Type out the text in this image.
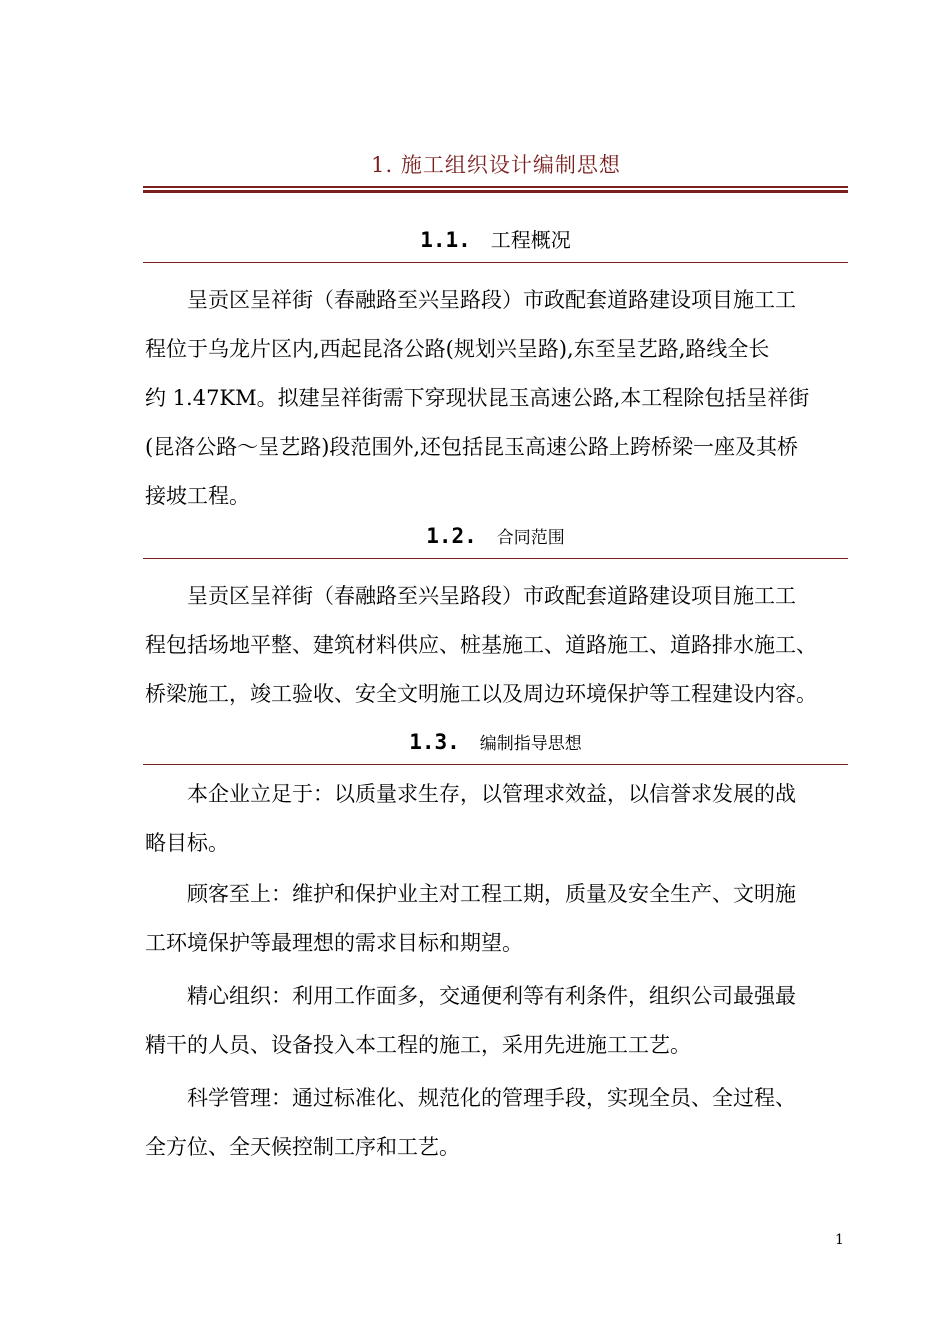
1. 施工组织设计编制思想
1.1. 工程概况
呈贡区呈祥街（春融路至兴呈路段）市政配套道路建设项目施工工
程位于乌龙片区内,西起昆洛公路(规划兴呈路),东至呈艺路,路线全长
约 1.47KM。拟建呈祥街需下穿现状昆玉高速公路,本工程除包括呈祥街
(昆洛公路～呈艺路)段范围外,还包括昆玉高速公路上跨桥梁一座及其桥
接坡工程。
1.2. 合同范围
呈贡区呈祥街（春融路至兴呈路段）市政配套道路建设项目施工工
程包括场地平整、建筑材料供应、桩基施工、道路施工、道路排水施工、
桥梁施工，竣工验收、安全文明施工以及周边环境保护等工程建设内容。
1.3. 编制指导思想
本企业立足于：以质量求生存，以管理求效益，以信誉求发展的战
略目标。
顾客至上：维护和保护业主对工程工期，质量及安全生产、文明施
工环境保护等最理想的需求目标和期望。
精心组织：利用工作面多，交通便利等有利条件，组织公司最强最
精干的人员、设备投入本工程的施工，采用先进施工工艺。
科学管理：通过标准化、规范化的管理手段，实现全员、全过程、
全方位、全天候控制工序和工艺。
1
